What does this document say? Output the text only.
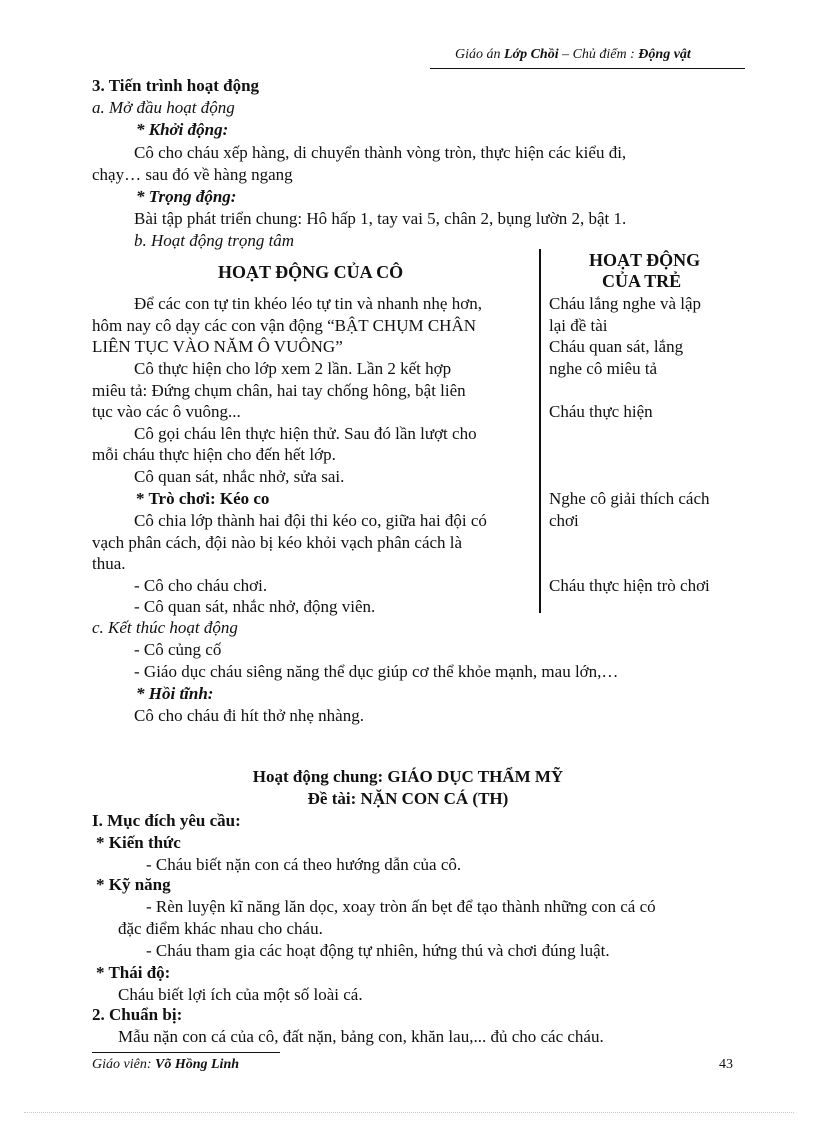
Giáo án Lớp Chồi – Chủ điểm : Động vật
3. Tiến trình hoạt động
a. Mở đầu hoạt động
* Khởi động:
Cô cho cháu xếp hàng, di chuyển thành vòng tròn, thực hiện các kiểu đi,
chạy… sau đó về hàng ngang
* Trọng động:
Bài tập phát triển chung: Hô hấp 1, tay vai 5, chân 2, bụng lườn 2, bật 1.
b. Hoạt động trọng tâm
HOẠT ĐỘNG CỦA CÔ
HOẠT ĐỘNG
CỦA TRẺ
Để các con tự tin khéo léo tự tin và nhanh nhẹ hơn,
hôm nay cô dạy các con vận động “BẬT CHỤM CHÂN
LIÊN TỤC VÀO NĂM Ô VUÔNG”
Cô thực hiện cho lớp xem 2 lần. Lần 2 kết hợp
miêu tả: Đứng chụm chân, hai tay chống hông, bật liên
tục vào các ô vuông...
Cô gọi cháu lên thực hiện thử. Sau đó lần lượt cho
mỗi cháu thực hiện cho đến hết lớp.
Cô quan sát, nhắc nhở, sửa sai.
* Trò chơi: Kéo co
Cô chia lớp thành hai đội thi kéo co, giữa hai đội có
vạch phân cách, đội nào bị kéo khỏi vạch phân cách là
thua.
- Cô cho cháu chơi.
- Cô quan sát, nhắc nhở, động viên.
Cháu lắng nghe và lập
lại đề tài
Cháu quan sát, lắng
nghe cô miêu tả
Cháu thực hiện
Nghe cô giải thích cách
chơi
Cháu thực hiện trò chơi
c. Kết thúc hoạt động
- Cô củng cố
- Giáo dục cháu siêng năng thể dục giúp cơ thể khỏe mạnh, mau lớn,…
* Hồi tĩnh:
Cô cho cháu đi hít thở nhẹ nhàng.
Hoạt động chung: GIÁO DỤC THẨM MỸ
Đề tài: NẶN CON CÁ (TH)
I. Mục đích yêu cầu:
* Kiến thức
- Cháu biết nặn con cá theo hướng dẫn của cô.
* Kỹ năng
- Rèn luyện kĩ năng lăn dọc, xoay tròn ấn bẹt để tạo thành những con cá có
đặc điểm khác nhau cho cháu.
- Cháu tham gia các hoạt động tự nhiên, hứng thú và chơi đúng luật.
* Thái độ:
Cháu biết lợi ích của một số loài cá.
2. Chuẩn bị:
Mẫu nặn con cá của cô, đất nặn, bảng con, khăn lau,... đủ cho các cháu.
Giáo viên: Võ Hồng Linh	43
